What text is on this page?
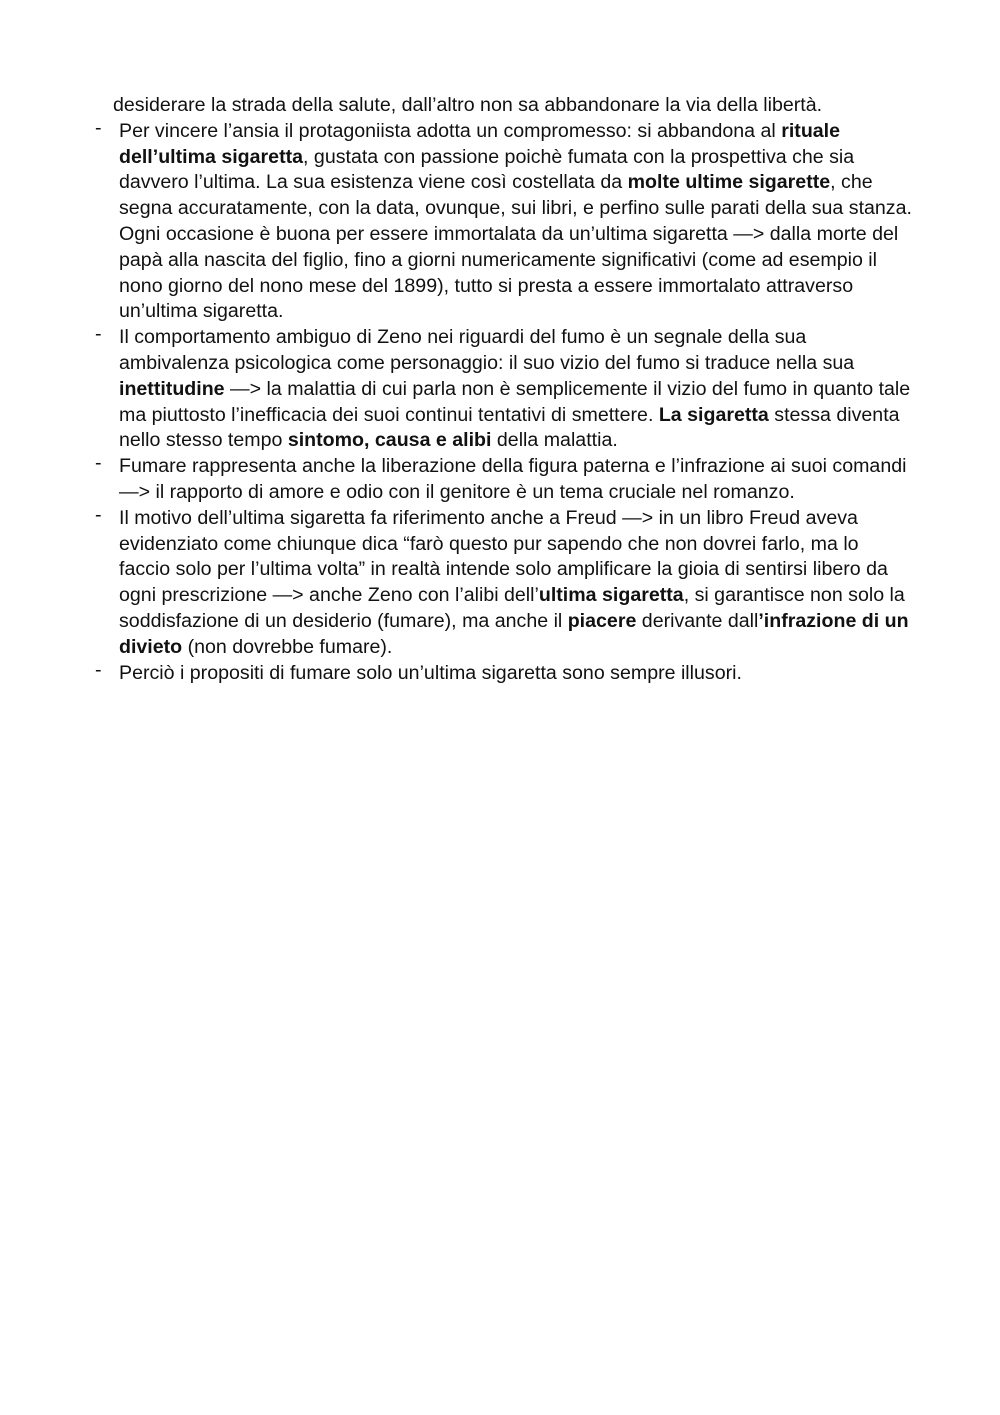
desiderare la strada della salute, dall’altro non sa abbandonare la via della libertà.

- Per vincere l’ansia il protagoniista adotta un compromesso: si abbandona al rituale dell’ultima sigaretta, gustata con passione poichè fumata con la prospettiva che sia davvero l’ultima. La sua esistenza viene così costellata da molte ultime sigarette, che segna accuratamente, con la data, ovunque, sui libri, e perfino sulle parati della sua stanza. Ogni occasione è buona per essere immortalata da un’ultima sigaretta —> dalla morte del papà alla nascita del figlio, fino a giorni numericamente significativi (come ad esempio il nono giorno del nono mese del 1899), tutto si presta a essere immortalato attraverso un’ultima sigaretta.
- Il comportamento ambiguo di Zeno nei riguardi del fumo è un segnale della sua ambivalenza psicologica come personaggio: il suo vizio del fumo si traduce nella sua inettitudine —> la malattia di cui parla non è semplicemente il vizio del fumo in quanto tale ma piuttosto l’inefficacia dei suoi continui tentativi di smettere. La sigaretta stessa diventa nello stesso tempo sintomo, causa e alibi della malattia.
- Fumare rappresenta anche la liberazione della figura paterna e l’infrazione ai suoi comandi —> il rapporto di amore e odio con il genitore è un tema cruciale nel romanzo.
- Il motivo dell’ultima sigaretta fa riferimento anche a Freud —> in un libro Freud aveva evidenziato come chiunque dica “farò questo pur sapendo che non dovrei farlo, ma lo faccio solo per l’ultima volta” in realtà intende solo amplificare la gioia di sentirsi libero da ogni prescrizione —> anche Zeno con l’alibi dell’ultima sigaretta, si garantisce non solo la soddisfazione di un desiderio (fumare), ma anche il piacere derivante dall’infrazione di un divieto (non dovrebbe fumare).
- Perciò i propositi di fumare solo un’ultima sigaretta sono sempre illusori.
